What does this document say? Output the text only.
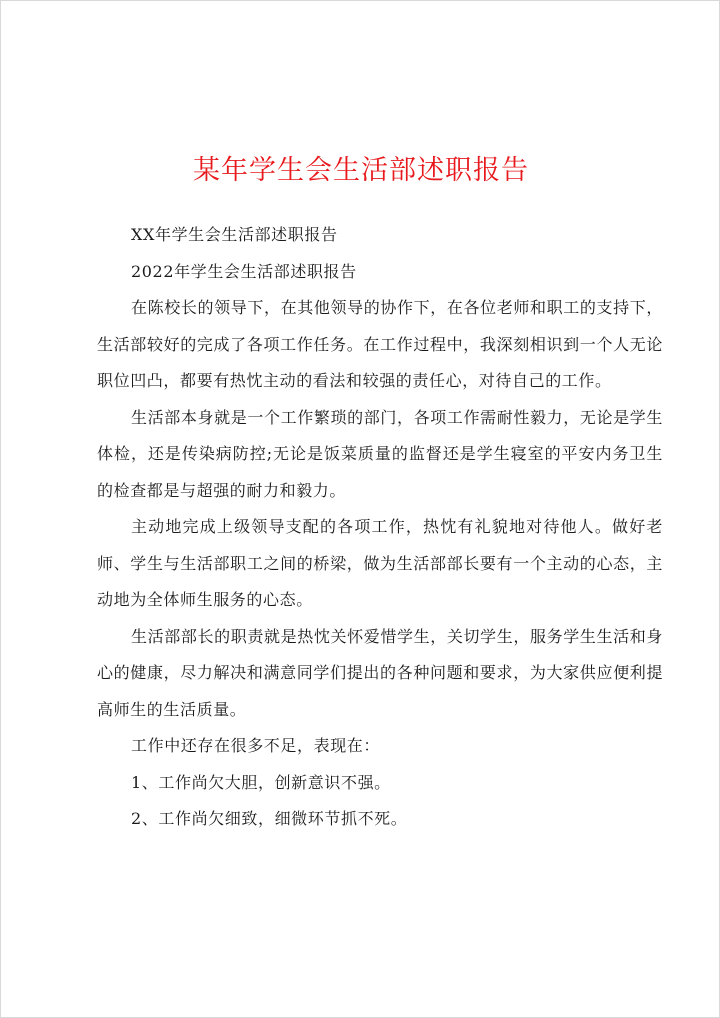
某年学生会生活部述职报告

XX年学生会生活部述职报告

2022年学生会生活部述职报告

在陈校长的领导下，在其他领导的协作下，在各位老师和职工的支持下，生活部较好的完成了各项工作任务。在工作过程中，我深刻相识到一个人无论职位凹凸，都要有热忱主动的看法和较强的责任心，对待自己的工作。

生活部本身就是一个工作繁琐的部门，各项工作需耐性毅力，无论是学生体检，还是传染病防控;无论是饭菜质量的监督还是学生寝室的平安内务卫生的检查都是与超强的耐力和毅力。

主动地完成上级领导支配的各项工作，热忱有礼貌地对待他人。做好老师、学生与生活部职工之间的桥梁，做为生活部部长要有一个主动的心态，主动地为全体师生服务的心态。

生活部部长的职责就是热忱关怀爱惜学生，关切学生，服务学生生活和身心的健康，尽力解决和满意同学们提出的各种问题和要求，为大家供应便利提高师生的生活质量。

工作中还存在很多不足，表现在：

1、工作尚欠大胆，创新意识不强。

2、工作尚欠细致，细微环节抓不死。
